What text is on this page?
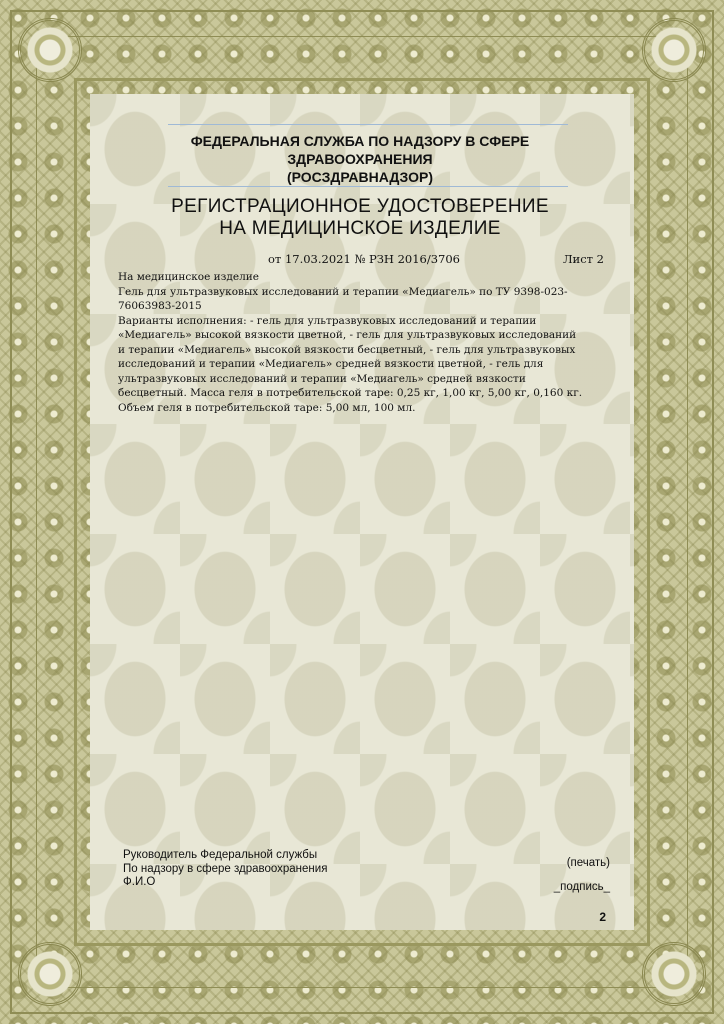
ФЕДЕРАЛЬНАЯ СЛУЖБА ПО НАДЗОРУ В СФЕРЕ
ЗДРАВООХРАНЕНИЯ
(РОСЗДРАВНАДЗОР)
РЕГИСТРАЦИОННОЕ УДОСТОВЕРЕНИЕ
НА МЕДИЦИНСКОЕ ИЗДЕЛИЕ
от 17.03.2021 № РЗН 2016/3706	Лист 2

На медицинское изделие

Гель для ультразвуковых исследований и терапии «Медиагель» по ТУ 9398-023-76063983-2015

Варианты исполнения: - гель для ультразвуковых исследований и терапии «Медиагель» высокой вязкости цветной, - гель для ультразвуковых исследований и терапии «Медиагель» высокой вязкости бесцветный, - гель для ультразвуковых исследований и терапии «Медиагель» средней вязкости цветной, - гель для ультразвуковых исследований и терапии «Медиагель» средней вязкости бесцветный. Масса геля в потребительской таре: 0,25 кг, 1,00 кг, 5,00 кг, 0,160 кг. Объем геля в потребительской таре: 5,00 мл, 100 мл.

Руководитель Федеральной службы
По надзору в сфере здравоохранения
Ф.И.О
(печать)
_подпись_
2
